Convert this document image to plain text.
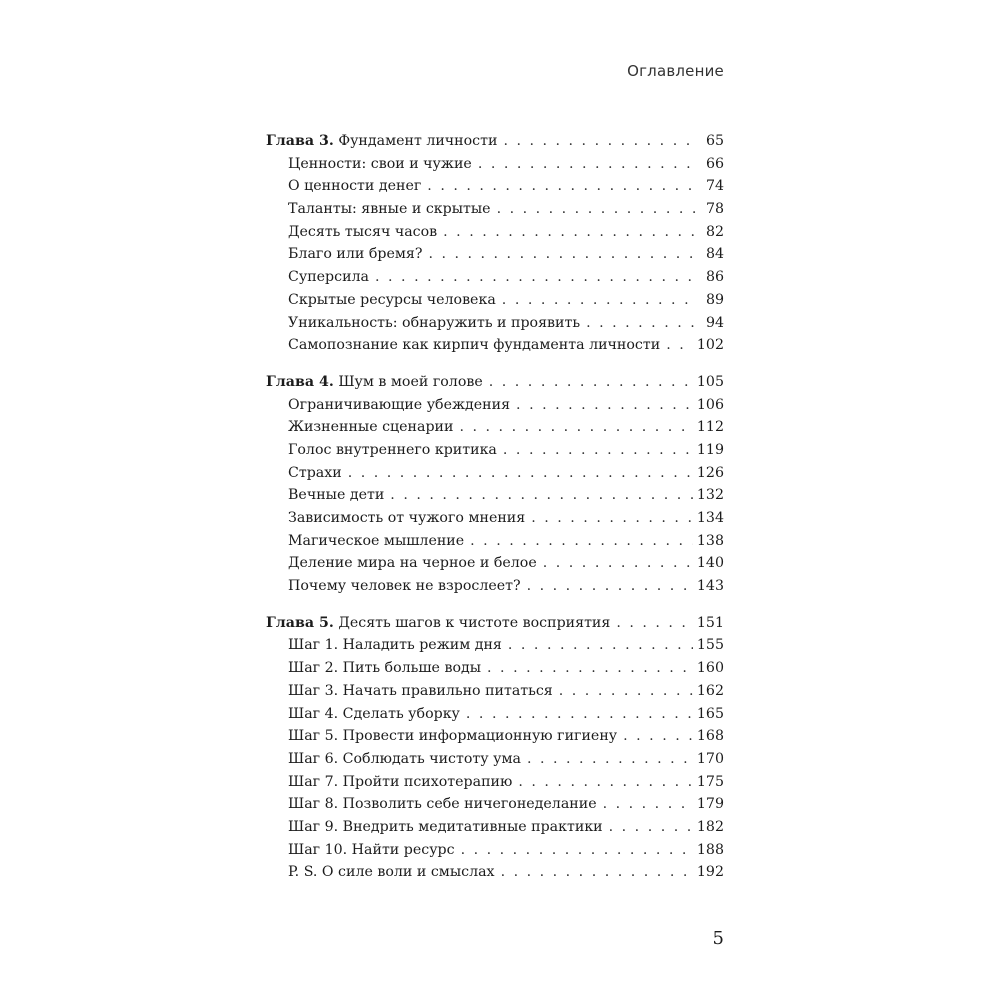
Оглавление
Глава 3. Фундамент личности . . .	65
Ценности: свои и чужие . . .	66
О ценности денег . . .	74
Таланты: явные и скрытые . . .	78
Десять тысяч часов . . .	82
Благо или бремя? . . .	84
Суперсила . . .	86
Скрытые ресурсы человека . . .	89
Уникальность: обнаружить и проявить . . .	94
Самопознание как кирпич фундамента личности . . .	102
Глава 4. Шум в моей голове . . .	105
Ограничивающие убеждения . . .	106
Жизненные сценарии . . .	112
Голос внутреннего критика . . .	119
Страхи . . .	126
Вечные дети . . .	132
Зависимость от чужого мнения . . .	134
Магическое мышление . . .	138
Деление мира на черное и белое . . .	140
Почему человек не взрослеет? . . .	143
Глава 5. Десять шагов к чистоте восприятия . . .	151
Шаг 1. Наладить режим дня . . .	155
Шаг 2. Пить больше воды . . .	160
Шаг 3. Начать правильно питаться . . .	162
Шаг 4. Сделать уборку . . .	165
Шаг 5. Провести информационную гигиену . . .	168
Шаг 6. Соблюдать чистоту ума . . .	170
Шаг 7. Пройти психотерапию . . .	175
Шаг 8. Позволить себе ничегонеделание . . .	179
Шаг 9. Внедрить медитативные практики . . .	182
Шаг 10. Найти ресурс . . .	188
P. S. О силе воли и смыслах . . .	192
5
